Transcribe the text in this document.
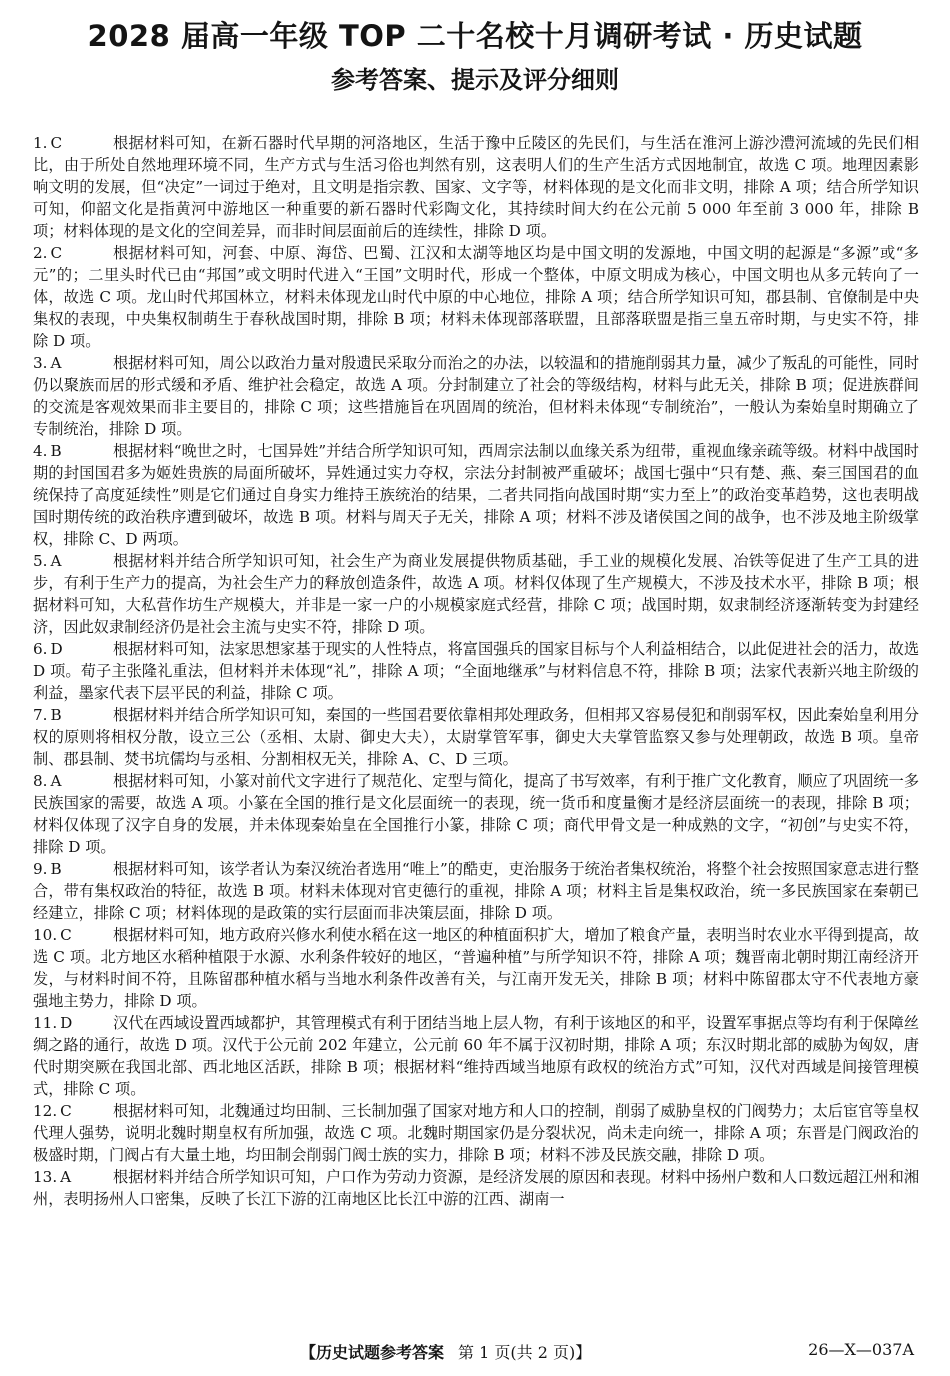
2028 届高一年级 TOP 二十名校十月调研考试 · 历史试题
参考答案、提示及评分细则
1. C	根据材料可知，在新石器时代早期的河洛地区，生活于豫中丘陵区的先民们，与生活在淮河上游沙澧河流域的先民们相比，由于所处自然地理环境不同，生产方式与生活习俗也判然有别，这表明人们的生产生活方式因地制宜，故选 C 项。地理因素影响文明的发展，但“决定”一词过于绝对，且文明是指宗教、国家、文字等，材料体现的是文化而非文明，排除 A 项；结合所学知识可知，仰韶文化是指黄河中游地区一种重要的新石器时代彩陶文化，其持续时间大约在公元前 5 000 年至前 3 000 年，排除 B 项；材料体现的是文化的空间差异，而非时间层面前后的连续性，排除 D 项。
2. C	根据材料可知，河套、中原、海岱、巴蜀、江汉和太湖等地区均是中国文明的发源地，中国文明的起源是“多源”或“多元”的；二里头时代已由“邦国”或文明时代进入“王国”文明时代，形成一个整体，中原文明成为核心，中国文明也从多元转向了一体，故选 C 项。龙山时代邦国林立，材料未体现龙山时代中原的中心地位，排除 A 项；结合所学知识可知，郡县制、官僚制是中央集权的表现，中央集权制萌生于春秋战国时期，排除 B 项；材料未体现部落联盟，且部落联盟是指三皇五帝时期，与史实不符，排除 D 项。
3. A	根据材料可知，周公以政治力量对殷遗民采取分而治之的办法，以较温和的措施削弱其力量，减少了叛乱的可能性，同时仍以聚族而居的形式缓和矛盾、维护社会稳定，故选 A 项。分封制建立了社会的等级结构，材料与此无关，排除 B 项；促进族群间的交流是客观效果而非主要目的，排除 C 项；这些措施旨在巩固周的统治，但材料未体现“专制统治”，一般认为秦始皇时期确立了专制统治，排除 D 项。
4. B	根据材料“晚世之时，七国异姓”并结合所学知识可知，西周宗法制以血缘关系为纽带，重视血缘亲疏等级。材料中战国时期的封国国君多为姬姓贵族的局面所破坏，异姓通过实力夺权，宗法分封制被严重破坏；战国七强中“只有楚、燕、秦三国国君的血统保持了高度延续性”则是它们通过自身实力维持王族统治的结果，二者共同指向战国时期“实力至上”的政治变革趋势，这也表明战国时期传统的政治秩序遭到破坏，故选 B 项。材料与周天子无关，排除 A 项；材料不涉及诸侯国之间的战争，也不涉及地主阶级掌权，排除 C、D 两项。
5. A	根据材料并结合所学知识可知，社会生产为商业发展提供物质基础，手工业的规模化发展、冶铁等促进了生产工具的进步，有利于生产力的提高，为社会生产力的释放创造条件，故选 A 项。材料仅体现了生产规模大，不涉及技术水平，排除 B 项；根据材料可知，大私营作坊生产规模大，并非是一家一户的小规模家庭式经营，排除 C 项；战国时期，奴隶制经济逐渐转变为封建经济，因此奴隶制经济仍是社会主流与史实不符，排除 D 项。
6. D	根据材料可知，法家思想家基于现实的人性特点，将富国强兵的国家目标与个人利益相结合，以此促进社会的活力，故选 D 项。荀子主张隆礼重法，但材料并未体现“礼”，排除 A 项；“全面地继承”与材料信息不符，排除 B 项；法家代表新兴地主阶级的利益，墨家代表下层平民的利益，排除 C 项。
7. B	根据材料并结合所学知识可知，秦国的一些国君要依靠相邦处理政务，但相邦又容易侵犯和削弱军权，因此秦始皇利用分权的原则将相权分散，设立三公（丞相、太尉、御史大夫），太尉掌管军事，御史大夫掌管监察又参与处理朝政，故选 B 项。皇帝制、郡县制、焚书坑儒均与丞相、分割相权无关，排除 A、C、D 三项。
8. A	根据材料可知，小篆对前代文字进行了规范化、定型与简化，提高了书写效率，有利于推广文化教育，顺应了巩固统一多民族国家的需要，故选 A 项。小篆在全国的推行是文化层面统一的表现，统一货币和度量衡才是经济层面统一的表现，排除 B 项；材料仅体现了汉字自身的发展，并未体现秦始皇在全国推行小篆，排除 C 项；商代甲骨文是一种成熟的文字，“初创”与史实不符，排除 D 项。
9. B	根据材料可知，该学者认为秦汉统治者选用“唯上”的酷吏，吏治服务于统治者集权统治，将整个社会按照国家意志进行整合，带有集权政治的特征，故选 B 项。材料未体现对官吏德行的重视，排除 A 项；材料主旨是集权政治，统一多民族国家在秦朝已经建立，排除 C 项；材料体现的是政策的实行层面而非决策层面，排除 D 项。
10. C	根据材料可知，地方政府兴修水利使水稻在这一地区的种植面积扩大，增加了粮食产量，表明当时农业水平得到提高，故选 C 项。北方地区水稻种植限于水源、水利条件较好的地区，“普遍种植”与所学知识不符，排除 A 项；魏晋南北朝时期江南经济开发，与材料时间不符，且陈留郡种植水稻与当地水利条件改善有关，与江南开发无关，排除 B 项；材料中陈留郡太守不代表地方豪强地主势力，排除 D 项。
11. D	汉代在西域设置西域都护，其管理模式有利于团结当地上层人物，有利于该地区的和平，设置军事据点等均有利于保障丝绸之路的通行，故选 D 项。汉代于公元前 202 年建立，公元前 60 年不属于汉初时期，排除 A 项；东汉时期北部的威胁为匈奴，唐代时期突厥在我国北部、西北地区活跃，排除 B 项；根据材料“维持西域当地原有政权的统治方式”可知，汉代对西域是间接管理模式，排除 C 项。
12. C	根据材料可知，北魏通过均田制、三长制加强了国家对地方和人口的控制，削弱了威胁皇权的门阀势力；太后宦官等皇权代理人强势，说明北魏时期皇权有所加强，故选 C 项。北魏时期国家仍是分裂状况，尚未走向统一，排除 A 项；东晋是门阀政治的极盛时期，门阀占有大量土地，均田制会削弱门阀士族的实力，排除 B 项；材料不涉及民族交融，排除 D 项。
13. A	根据材料并结合所学知识可知，户口作为劳动力资源，是经济发展的原因和表现。材料中扬州户数和人口数远超江州和湘州，表明扬州人口密集，反映了长江下游的江南地区比长江中游的江西、湖南一
【历史试题参考答案 第 1 页(共 2 页)】	26—X—037A
